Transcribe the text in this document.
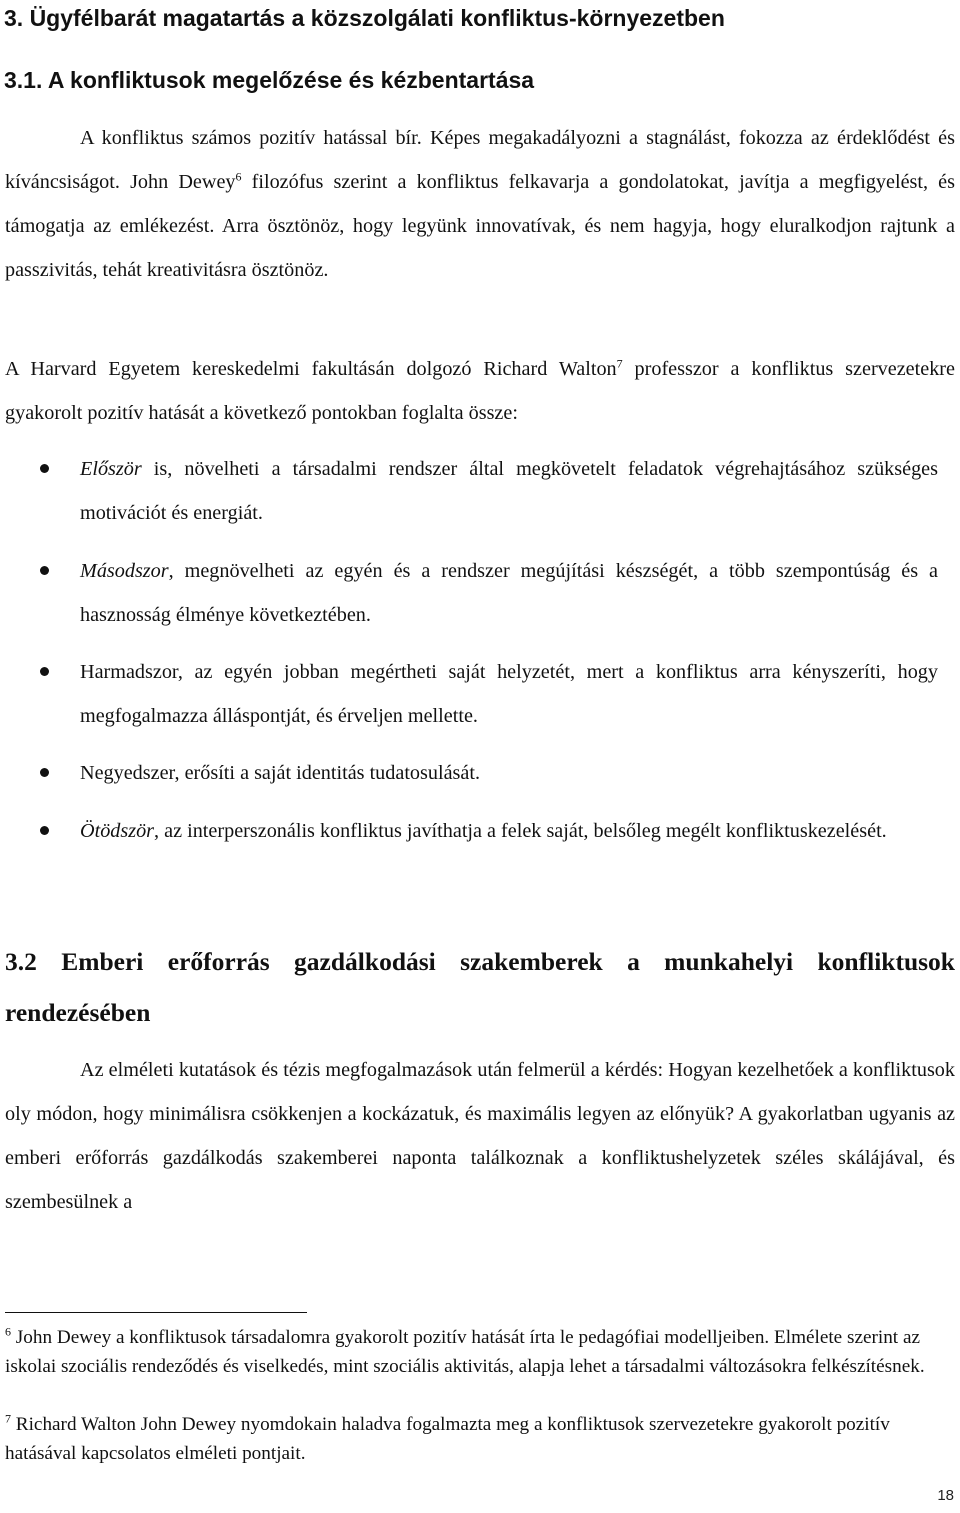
3. Ügyfélbarát magatartás a közszolgálati konfliktus-környezetben
3.1. A konfliktusok megelőzése és kézbentartása

A konfliktus számos pozitív hatással bír. Képes megakadályozni a stagnálást, fokozza az érdeklődést és kíváncsiságot. John Dewey$^6$ filozófus szerint a konfliktus felkavarja a gondolatokat, javítja a megfigyelést, és támogatja az emlékezést. Arra ösztönöz, hogy legyünk innovatívak, és nem hagyja, hogy eluralkodjon rajtunk a passzivitás, tehát kreativitásra ösztönöz.

A Harvard Egyetem kereskedelmi fakultásán dolgozó Richard Walton$^7$ professzor a konfliktus szervezetekre gyakorolt pozitív hatását a következő pontokban foglalta össze:

Először is, növelheti a társadalmi rendszer által megkövetelt feladatok végrehajtásához szükséges motivációt és energiát.
Másodszor, megnövelheti az egyén és a rendszer megújítási készségét, a több szempontúság és a hasznosság élménye következtében.
Harmadszor, az egyén jobban megértheti saját helyzetét, mert a konfliktus arra kényszeríti, hogy megfogalmazza álláspontját, és érveljen mellette.
Negyedszer, erősíti a saját identitás tudatosulását.
Ötödször, az interperszonális konfliktus javíthatja a felek saját, belsőleg megélt konfliktuskezelését.
3.2 Emberi erőforrás gazdálkodási szakemberek a munkahelyi konfliktusok rendezésében

Az elméleti kutatások és tézis megfogalmazások után felmerül a kérdés: Hogyan kezelhetőek a konfliktusok oly módon, hogy minimálisra csökkenjen a kockázatuk, és maximális legyen az előnyük? A gyakorlatban ugyanis az emberi erőforrás gazdálkodás szakemberei naponta találkoznak a konfliktushelyzetek széles skálájával, és szembesülnek a

$^6$ John Dewey a konfliktusok társadalomra gyakorolt pozitív hatását írta le pedagófiai modelljeiben. Elmélete szerint az iskolai szociális rendeződés és viselkedés, mint szociális aktivitás, alapja lehet a társadalmi változásokra felkészítésnek.

$^7$ Richard Walton John Dewey nyomdokain haladva fogalmazta meg a konfliktusok szervezetekre gyakorolt pozitív hatásával kapcsolatos elméleti pontjait.

18
